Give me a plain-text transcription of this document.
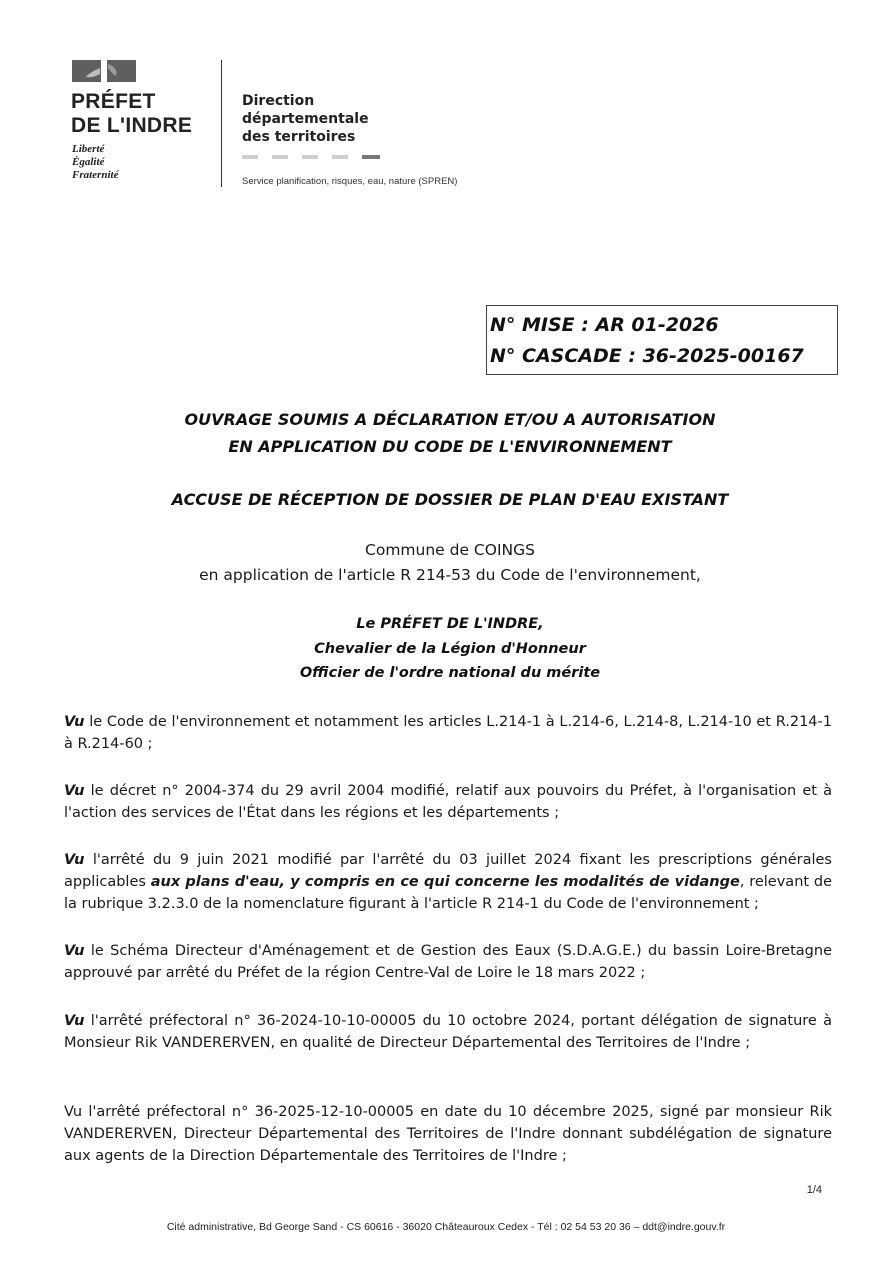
PRÉFET
DE L'INDRE
Liberté
Égalité
Fraternité
Direction
départementale
des territoires
Service planification, risques, eau, nature (SPREN)
N° MISE : AR 01-2026
N° CASCADE : 36-2025-00167
OUVRAGE SOUMIS A DÉCLARATION ET/OU A AUTORISATION
EN APPLICATION DU CODE DE L'ENVIRONNEMENT
ACCUSE DE RÉCEPTION DE DOSSIER DE PLAN D'EAU EXISTANT
Commune de COINGS
en application de l'article R 214-53 du Code de l'environnement,
Le PRÉFET DE L'INDRE,
Chevalier de la Légion d'Honneur
Officier de l'ordre national du mérite
Vu le Code de l'environnement et notamment les articles L.214-1 à L.214-6, L.214-8, L.214-10 et R.214-1 à R.214-60 ;
Vu le décret n° 2004-374 du 29 avril 2004 modifié, relatif aux pouvoirs du Préfet, à l'organisation et à l'action des services de l'État dans les régions et les départements ;
Vu l'arrêté du 9 juin 2021 modifié par l'arrêté du 03 juillet 2024 fixant les prescriptions générales applicables aux plans d'eau, y compris en ce qui concerne les modalités de vidange, relevant de la rubrique 3.2.3.0 de la nomenclature figurant à l'article R 214-1 du Code de l'environnement ;
Vu le Schéma Directeur d'Aménagement et de Gestion des Eaux (S.D.A.G.E.) du bassin Loire-Bretagne approuvé par arrêté du Préfet de la région Centre-Val de Loire le 18 mars 2022 ;
Vu l'arrêté préfectoral n° 36-2024-10-10-00005 du 10 octobre 2024, portant délégation de signature à Monsieur Rik VANDERERVEN, en qualité de Directeur Départemental des Territoires de l'Indre ;
Vu l'arrêté préfectoral n° 36-2025-12-10-00005 en date du 10 décembre 2025, signé par monsieur Rik VANDERERVEN, Directeur Départemental des Territoires de l'Indre donnant subdélégation de signature aux agents de la Direction Départementale des Territoires de l'Indre ;
1/4
Cité administrative, Bd George Sand - CS 60616 - 36020 Châteauroux Cedex - Tél : 02 54 53 20 36 – ddt@indre.gouv.fr
